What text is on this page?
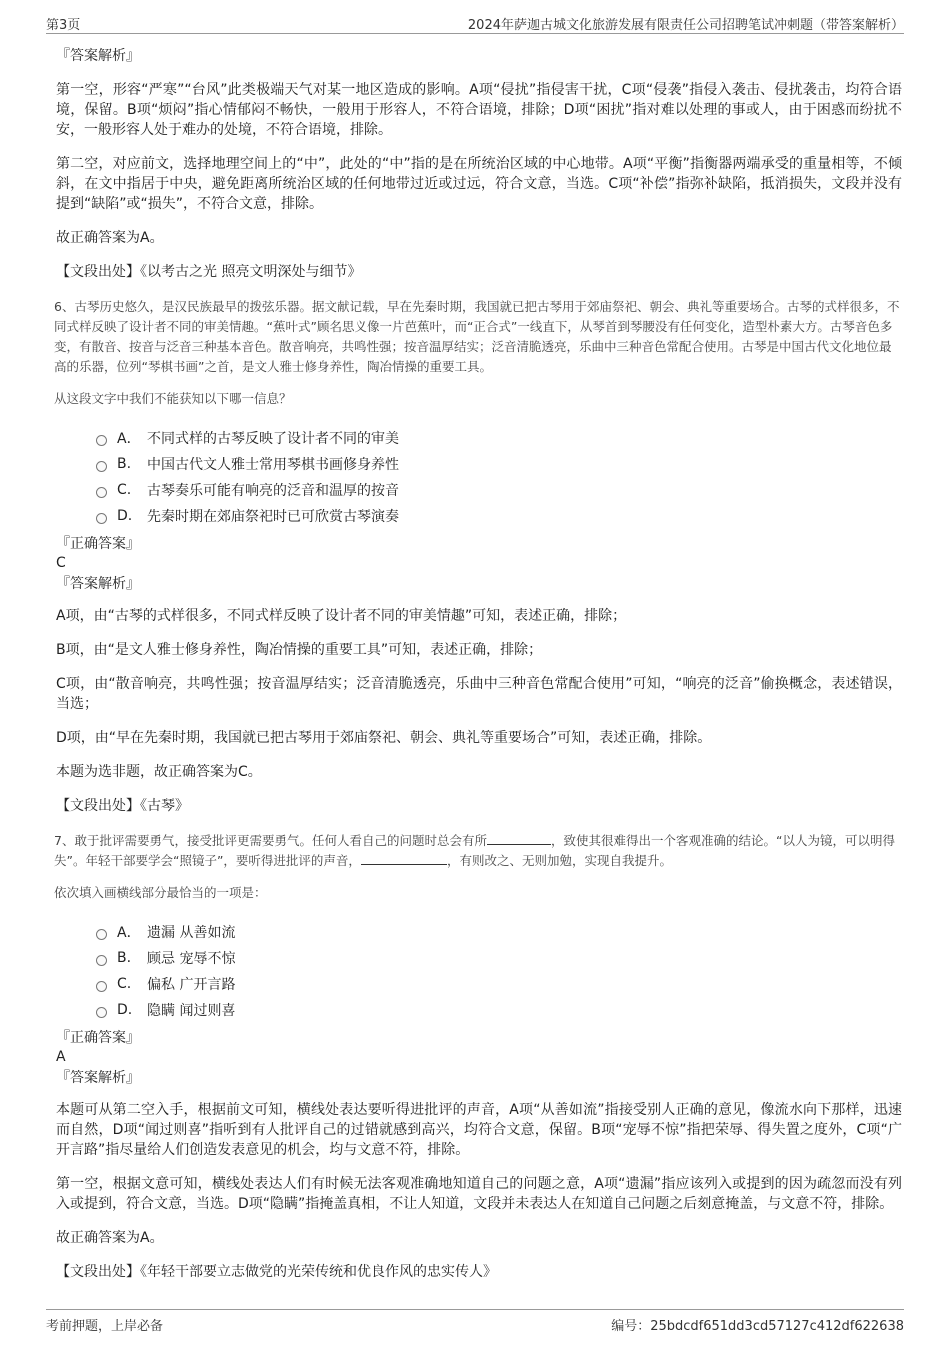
第3页	2024年萨迦古城文化旅游发展有限责任公司招聘笔试冲刺题（带答案解析）
『答案解析』

第一空，形容“严寒”“台风”此类极端天气对某一地区造成的影响。A项“侵扰”指侵害干扰，C项“侵袭”指侵入袭击、侵扰袭击，均符合语境，保留。B项“烦闷”指心情郁闷不畅快，一般用于形容人，不符合语境，排除；D项“困扰”指对难以处理的事或人，由于困惑而纷扰不安，一般形容人处于难办的处境，不符合语境，排除。

第二空，对应前文，选择地理空间上的“中”，此处的“中”指的是在所统治区域的中心地带。A项“平衡”指衡器两端承受的重量相等，不倾斜，在文中指居于中央，避免距离所统治区域的任何地带过近或过远，符合文意，当选。C项“补偿”指弥补缺陷，抵消损失，文段并没有提到“缺陷”或“损失”，不符合文意，排除。

故正确答案为A。

【文段出处】《以考古之光 照亮文明深处与细节》

6、古琴历史悠久，是汉民族最早的拨弦乐器。据文献记载，早在先秦时期，我国就已把古琴用于郊庙祭祀、朝会、典礼等重要场合。古琴的式样很多，不同式样反映了设计者不同的审美情趣。“蕉叶式”顾名思义像一片芭蕉叶，而“正合式”一线直下，从琴首到琴腰没有任何变化，造型朴素大方。古琴音色多变，有散音、按音与泛音三种基本音色。散音响亮，共鸣性强；按音温厚结实；泛音清脆透亮，乐曲中三种音色常配合使用。古琴是中国古代文化地位最高的乐器，位列“琴棋书画”之首，是文人雅士修身养性，陶冶情操的重要工具。

从这段文字中我们不能获知以下哪一信息？

A． 不同式样的古琴反映了设计者不同的审美
B.	中国古代文人雅士常用琴棋书画修身养性
C.	古琴奏乐可能有响亮的泛音和温厚的按音
D.	先秦时期在郊庙祭祀时已可欣赏古琴演奏
『正确答案』
C
『答案解析』

A项，由“古琴的式样很多，不同式样反映了设计者不同的审美情趣”可知，表述正确，排除；

B项，由“是文人雅士修身养性，陶冶情操的重要工具”可知，表述正确，排除；

C项，由“散音响亮，共鸣性强；按音温厚结实；泛音清脆透亮，乐曲中三种音色常配合使用”可知，“响亮的泛音”偷换概念，表述错误，当选；

D项，由“早在先秦时期，我国就已把古琴用于郊庙祭祀、朝会、典礼等重要场合”可知，表述正确，排除。

本题为选非题，故正确答案为C。

【文段出处】《古琴》

7、敢于批评需要勇气，接受批评更需要勇气。任何人看自己的问题时总会有所	，致使其很难得出一个客观准确的结论。“以人为镜，可以明得失”。年轻干部要学会“照镜子”，要听得进批评的声音，	，有则改之、无则加勉，实现自我提升。

依次填入画横线部分最恰当的一项是：

A． 遗漏 从善如流
B.	顾忌 宠辱不惊
C.	偏私 广开言路
D.	隐瞒 闻过则喜
『正确答案』
A
『答案解析』

本题可从第二空入手，根据前文可知，横线处表达要听得进批评的声音，A项“从善如流”指接受别人正确的意见，像流水向下那样，迅速而自然，D项“闻过则喜”指听到有人批评自己的过错就感到高兴，均符合文意，保留。B项“宠辱不惊”指把荣辱、得失置之度外，C项“广开言路”指尽量给人们创造发表意见的机会，均与文意不符，排除。

第一空，根据文意可知，横线处表达人们有时候无法客观准确地知道自己的问题之意，A项“遗漏”指应该列入或提到的因为疏忽而没有列入或提到，符合文意，当选。D项“隐瞒”指掩盖真相，不让人知道，文段并未表达人在知道自己问题之后刻意掩盖，与文意不符，排除。

故正确答案为A。

【文段出处】《年轻干部要立志做党的光荣传统和优良作风的忠实传人》
考前押题，上岸必备	编号：25bdcdf651dd3cd57127c412df622638
